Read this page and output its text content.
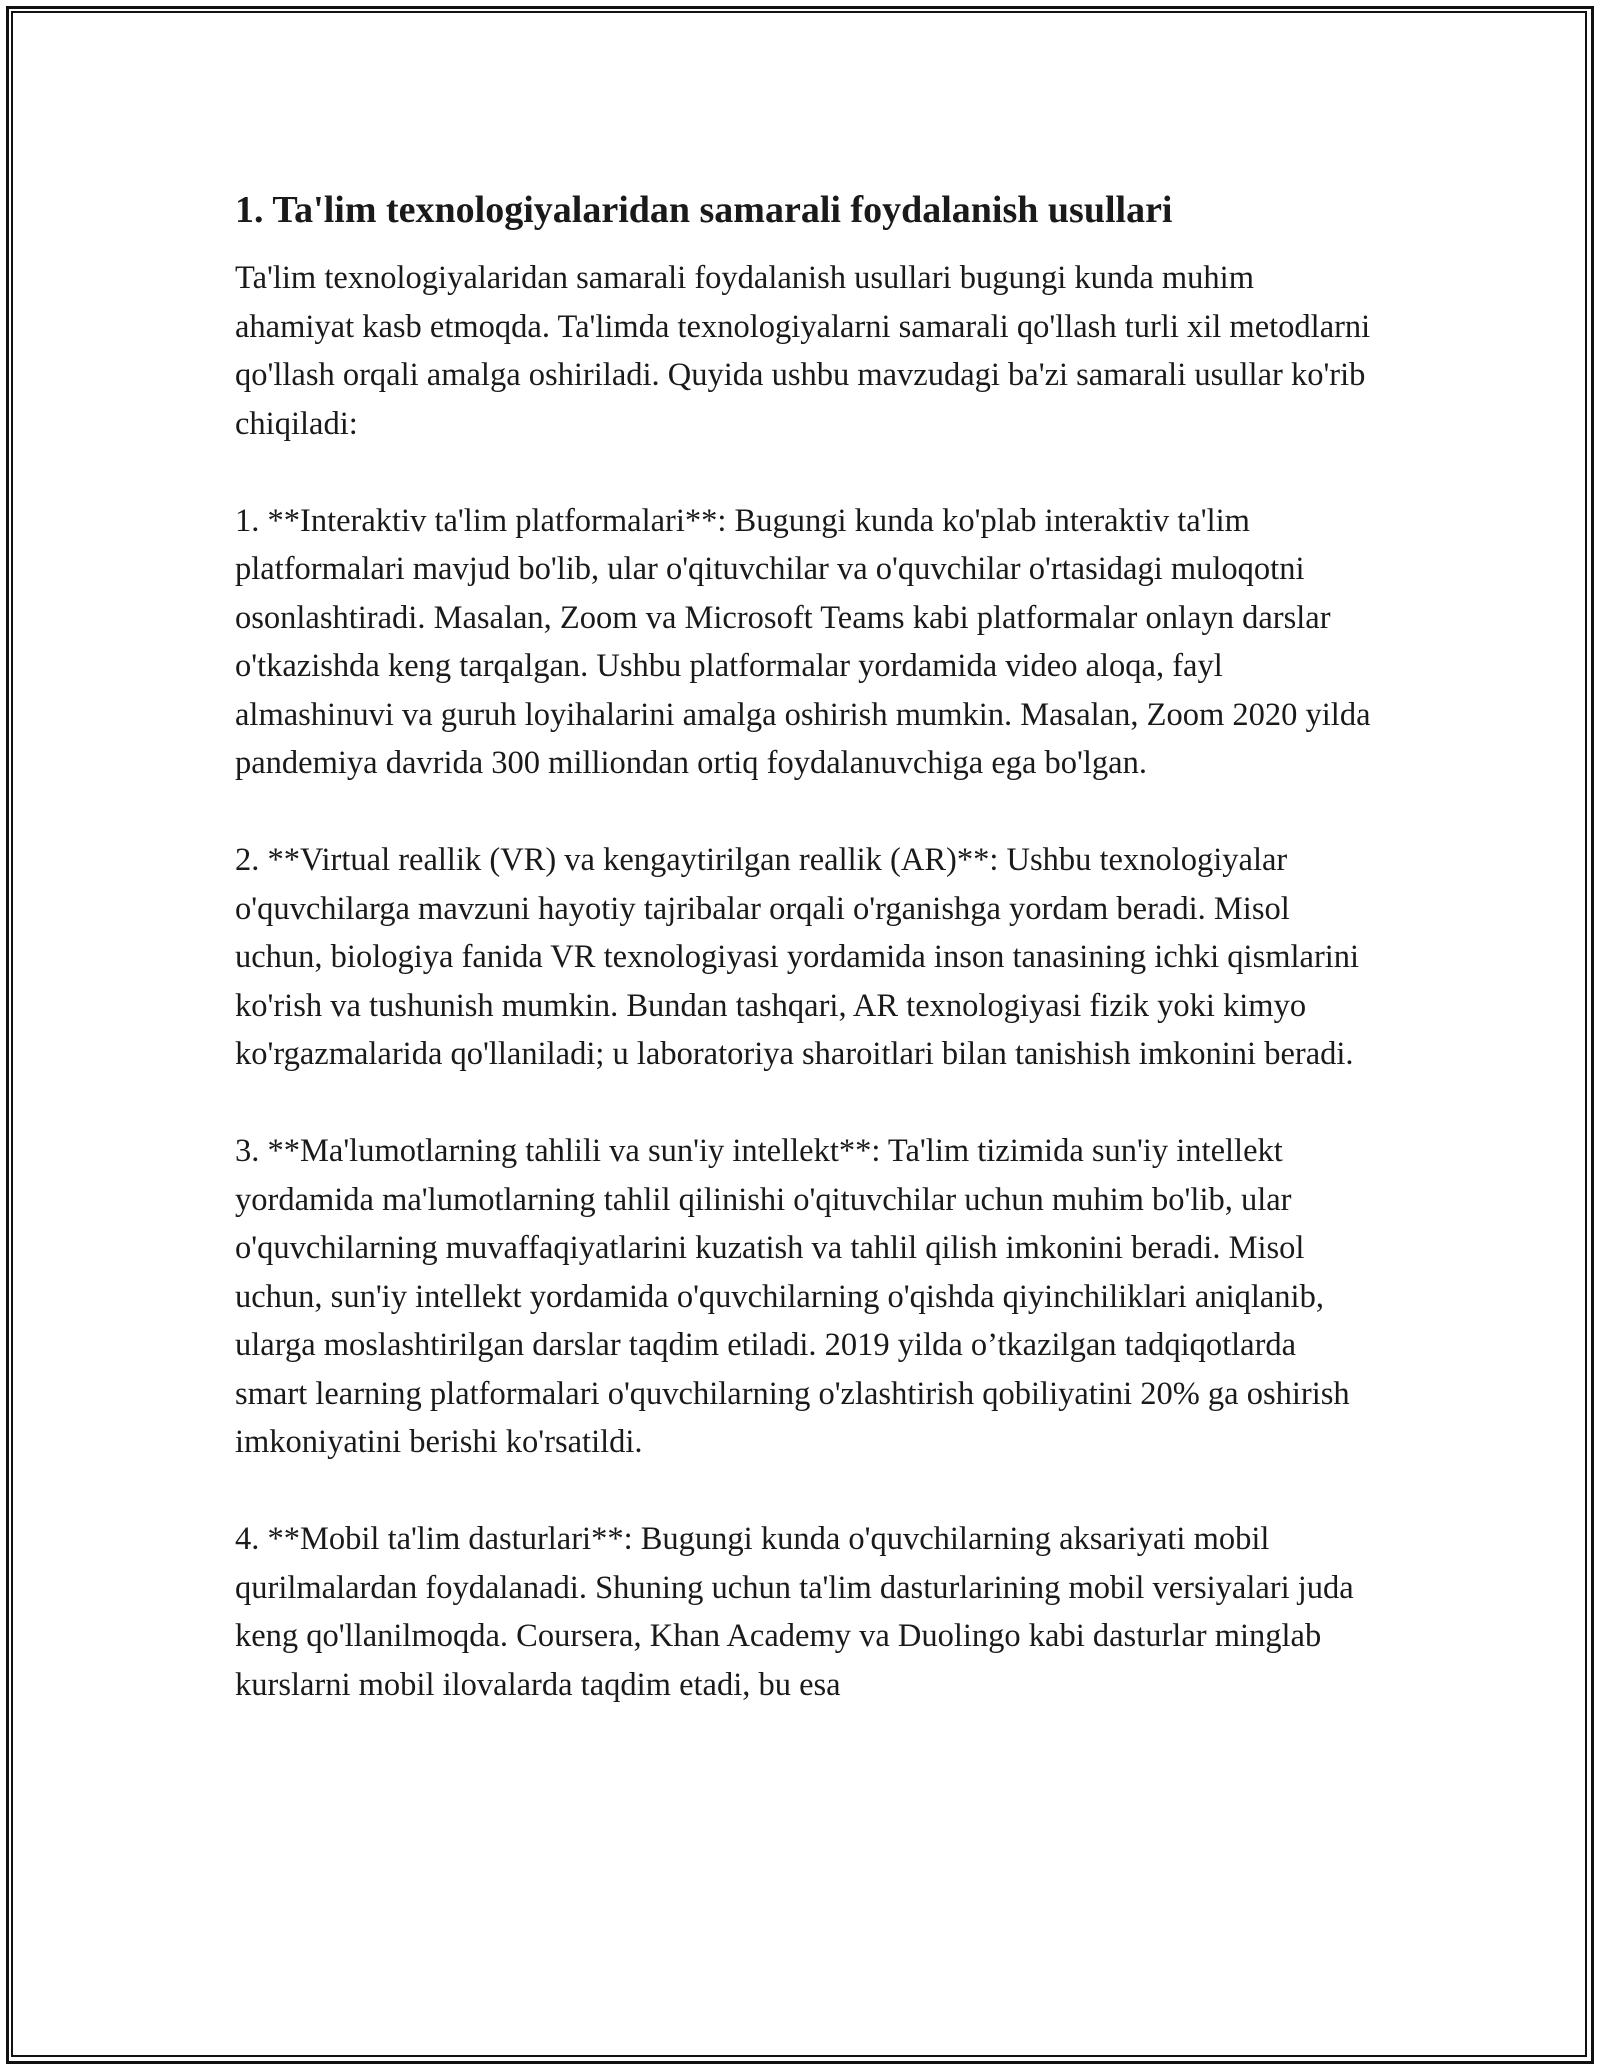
1. Ta'lim texnologiyalaridan samarali foydalanish usullari

Ta'lim texnologiyalaridan samarali foydalanish usullari bugungi kunda muhim ahamiyat kasb etmoqda. Ta'limda texnologiyalarni samarali qo'llash turli xil metodlarni qo'llash orqali amalga oshiriladi. Quyida ushbu mavzudagi ba'zi samarali usullar ko'rib chiqiladi:

1. **Interaktiv ta'lim platformalari**: Bugungi kunda ko'plab interaktiv ta'lim platformalari mavjud bo'lib, ular o'qituvchilar va o'quvchilar o'rtasidagi muloqotni osonlashtiradi. Masalan, Zoom va Microsoft Teams kabi platformalar onlayn darslar o'tkazishda keng tarqalgan. Ushbu platformalar yordamida video aloqa, fayl almashinuvi va guruh loyihalarini amalga oshirish mumkin. Masalan, Zoom 2020 yilda pandemiya davrida 300 milliondan ortiq foydalanuvchiga ega bo'lgan.

2. **Virtual reallik (VR) va kengaytirilgan reallik (AR)**: Ushbu texnologiyalar o'quvchilarga mavzuni hayotiy tajribalar orqali o'rganishga yordam beradi. Misol uchun, biologiya fanida VR texnologiyasi yordamida inson tanasining ichki qismlarini ko'rish va tushunish mumkin. Bundan tashqari, AR texnologiyasi fizik yoki kimyo ko'rgazmalarida qo'llaniladi; u laboratoriya sharoitlari bilan tanishish imkonini beradi.

3. **Ma'lumotlarning tahlili va sun'iy intellekt**: Ta'lim tizimida sun'iy intellekt yordamida ma'lumotlarning tahlil qilinishi o'qituvchilar uchun muhim bo'lib, ular o'quvchilarning muvaffaqiyatlarini kuzatish va tahlil qilish imkonini beradi. Misol uchun, sun'iy intellekt yordamida o'quvchilarning o'qishda qiyinchiliklari aniqlanib, ularga moslashtirilgan darslar taqdim etiladi. 2019 yilda o’tkazilgan tadqiqotlarda smart learning platformalari o'quvchilarning o'zlashtirish qobiliyatini 20% ga oshirish imkoniyatini berishi ko'rsatildi.

4. **Mobil ta'lim dasturlari**: Bugungi kunda o'quvchilarning aksariyati mobil qurilmalardan foydalanadi. Shuning uchun ta'lim dasturlarining mobil versiyalari juda keng qo'llanilmoqda. Coursera, Khan Academy va Duolingo kabi dasturlar minglab kurslarni mobil ilovalarda taqdim etadi, bu esa
